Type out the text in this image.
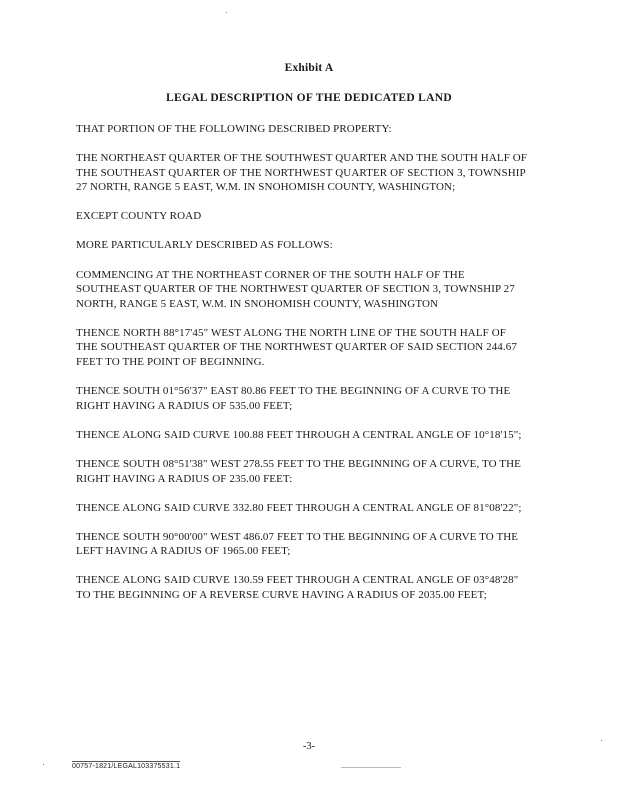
Exhibit A
LEGAL DESCRIPTION OF THE DEDICATED LAND

THAT PORTION OF THE FOLLOWING DESCRIBED PROPERTY:

THE NORTHEAST QUARTER OF THE SOUTHWEST QUARTER AND THE SOUTH HALF OF THE SOUTHEAST QUARTER OF THE NORTHWEST QUARTER OF SECTION 3, TOWNSHIP 27 NORTH, RANGE 5 EAST, W.M. IN SNOHOMISH COUNTY, WASHINGTON;

EXCEPT COUNTY ROAD

MORE PARTICULARLY DESCRIBED AS FOLLOWS:

COMMENCING AT THE NORTHEAST CORNER OF THE SOUTH HALF OF THE SOUTHEAST QUARTER OF THE NORTHWEST QUARTER OF SECTION 3, TOWNSHIP 27 NORTH, RANGE 5 EAST, W.M. IN SNOHOMISH COUNTY, WASHINGTON

THENCE NORTH 88°17'45" WEST ALONG THE NORTH LINE OF THE SOUTH HALF OF THE SOUTHEAST QUARTER OF THE NORTHWEST QUARTER OF SAID SECTION 244.67 FEET TO THE POINT OF BEGINNING.

THENCE SOUTH 01°56'37" EAST 80.86 FEET TO THE BEGINNING OF A CURVE TO THE RIGHT HAVING A RADIUS OF 535.00 FEET;

THENCE ALONG SAID CURVE 100.88 FEET THROUGH A CENTRAL ANGLE OF 10°18'15";

THENCE SOUTH 08°51'38" WEST 278.55 FEET TO THE BEGINNING OF A CURVE, TO THE RIGHT HAVING A RADIUS OF 235.00 FEET:

THENCE ALONG SAID CURVE 332.80 FEET THROUGH A CENTRAL ANGLE OF 81°08'22";

THENCE SOUTH 90°00'00" WEST 486.07 FEET TO THE BEGINNING OF A CURVE TO THE LEFT HAVING A RADIUS OF 1965.00 FEET;

THENCE ALONG SAID CURVE 130.59 FEET THROUGH A CENTRAL ANGLE OF 03°48'28" TO THE BEGINNING OF A REVERSE CURVE HAVING A RADIUS OF 2035.00 FEET;

-3-
00757-1821/LEGAL103375531.1
